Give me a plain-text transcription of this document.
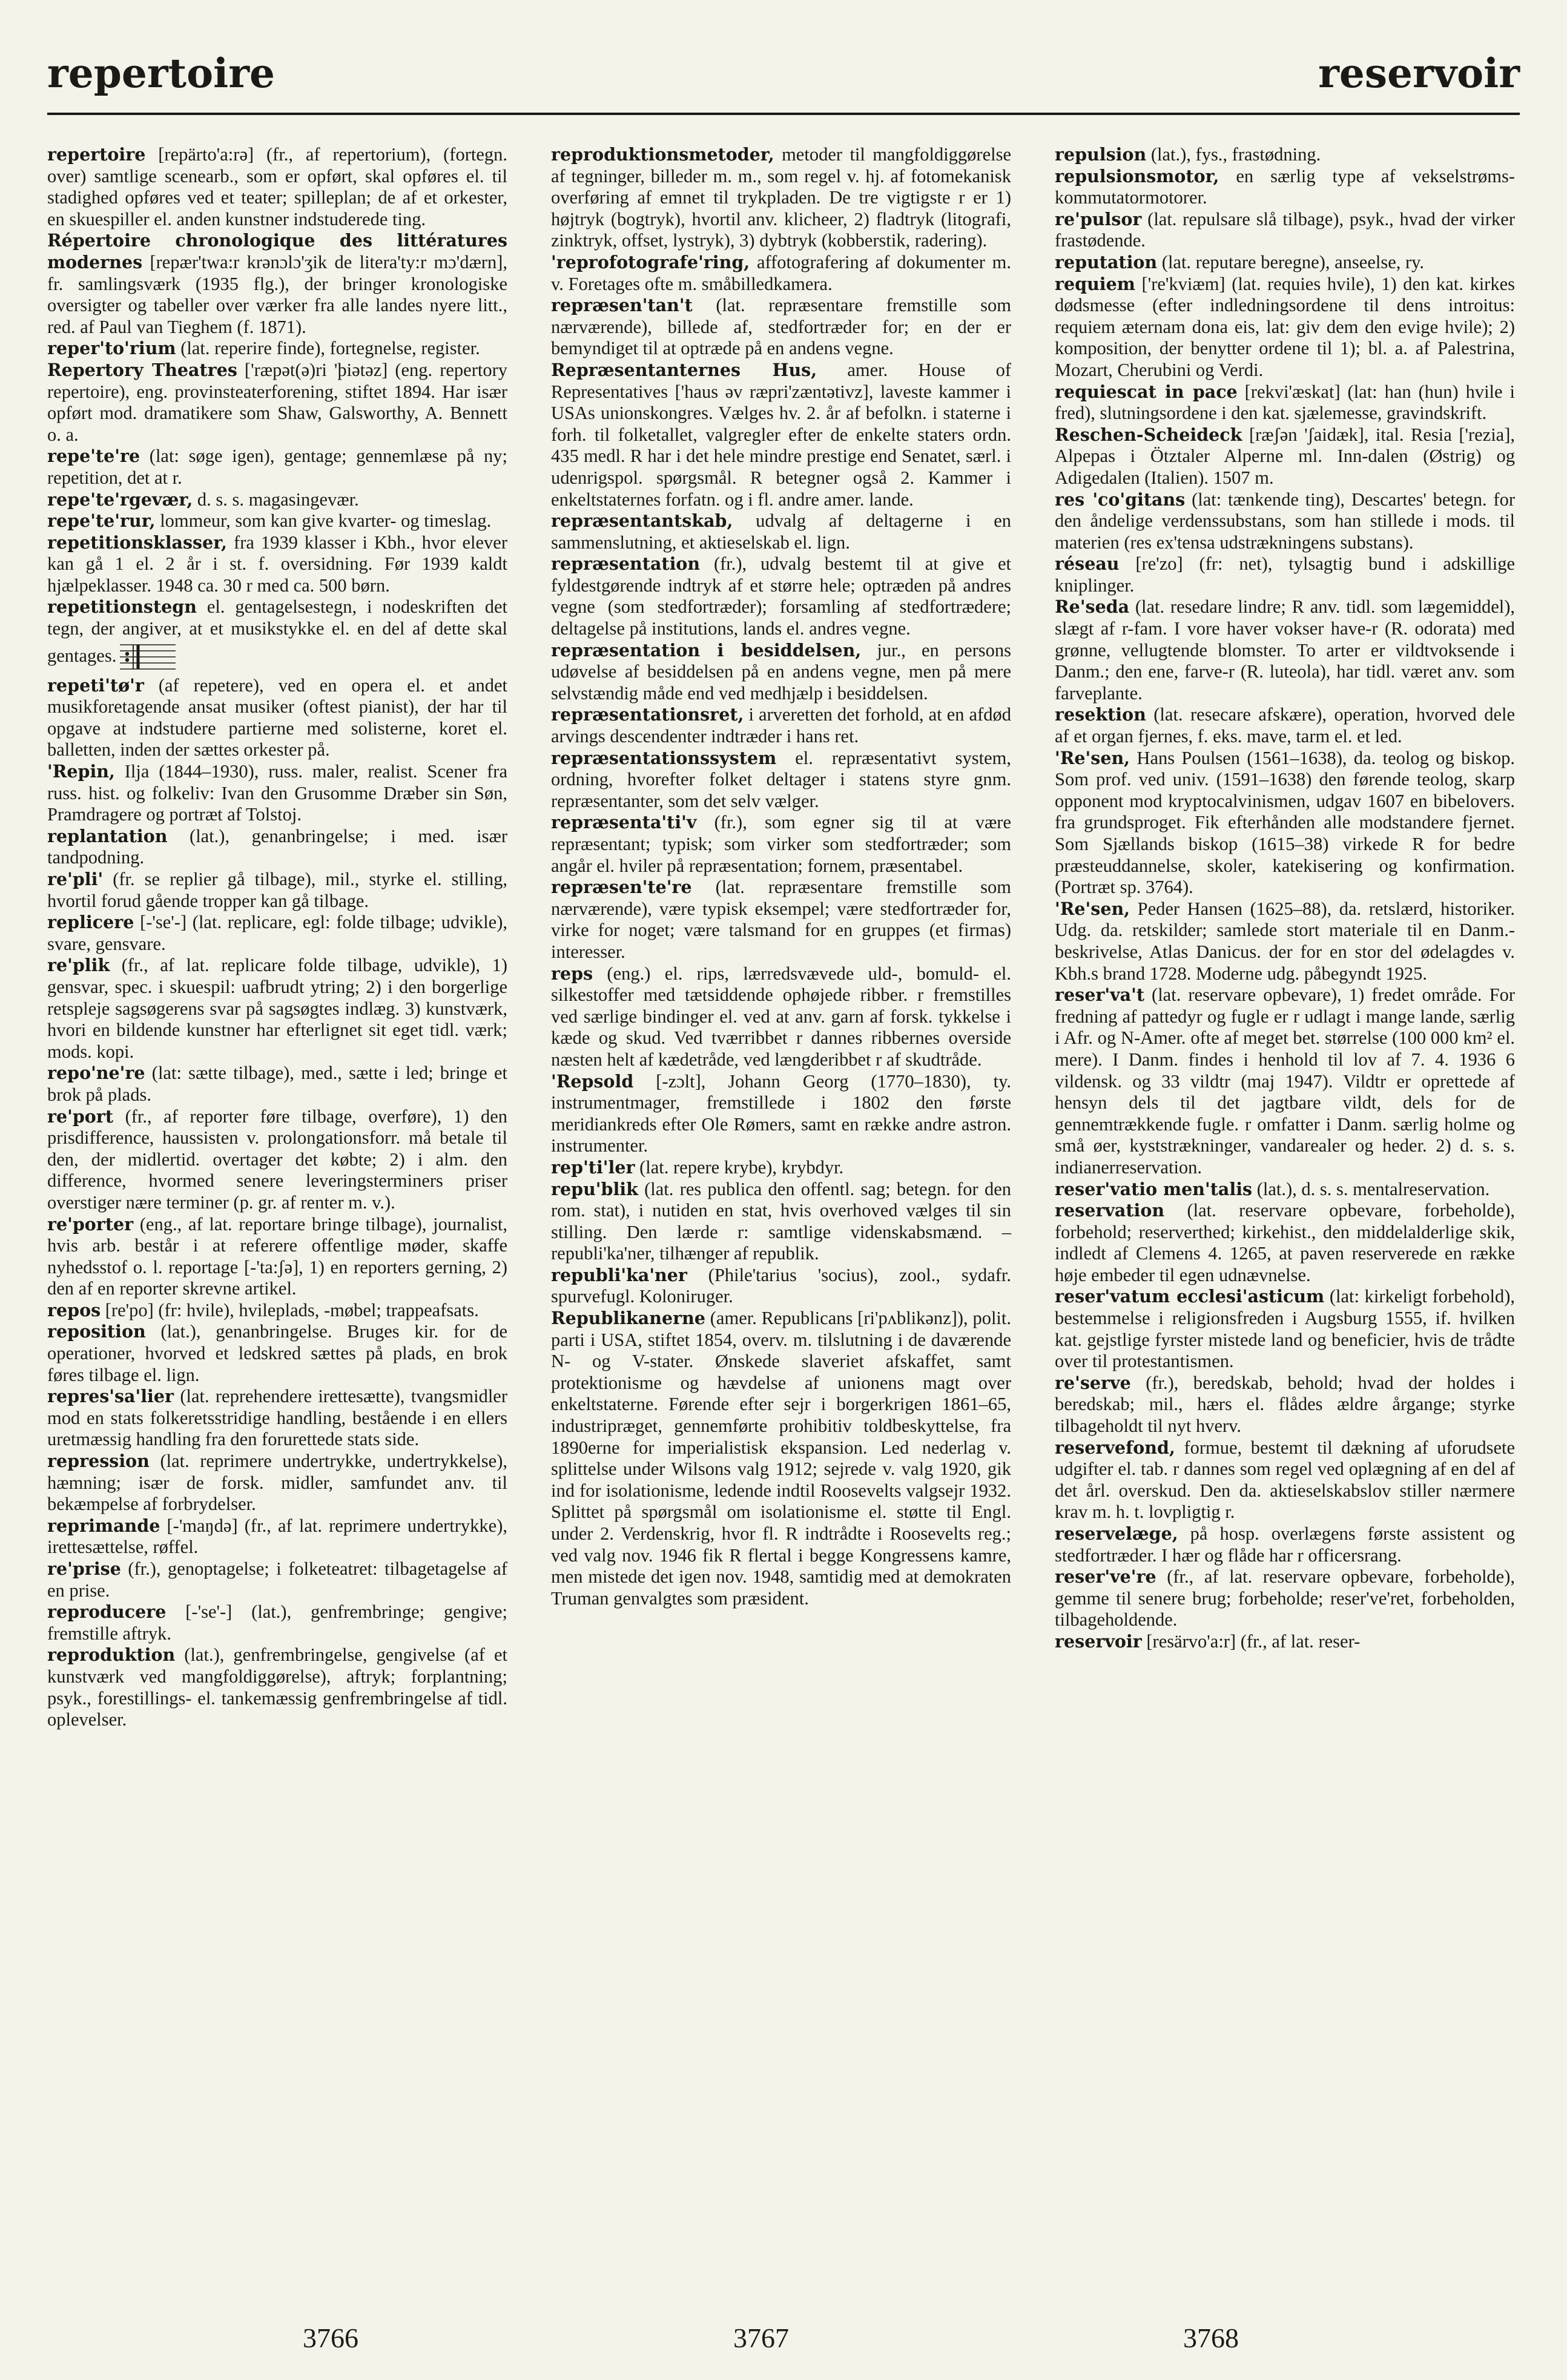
repertoire	reservoir

repertoire [repärto'a:rə] (fr., af repertorium), (fortegn. over) samtlige scenearb., som er opført, skal opføres el. til stadighed opføres ved et teater; spilleplan; de af et orkester, en skuespiller el. anden kunstner indstuderede ting.

Répertoire chronologique des littératures modernes [repær'twa:r krənɔlɔ'ʒik de litera'ty:r mɔ'dærn], fr. samlingsværk (1935 flg.), der bringer kronologiske oversigter og tabeller over værker fra alle landes nyere litt., red. af Paul van Tieghem (f. 1871).

reper'to'rium (lat. reperire finde), fortegnelse, register.

Repertory Theatres ['ræpət(ə)ri 'þiətəz] (eng. repertory repertoire), eng. provinsteaterforening, stiftet 1894. Har især opført mod. dramatikere som Shaw, Galsworthy, A. Bennett o. a.

repe'te're (lat: søge igen), gentage; gennemlæse på ny; repetition, det at r.

repe'te'rgevær, d. s. s. magasingevær.

repe'te'rur, lommeur, som kan give kvarter- og timeslag.

repetitionsklasser, fra 1939 klasser i Kbh., hvor elever kan gå 1 el. 2 år i st. f. oversidning. Før 1939 kaldt hjælpeklasser. 1948 ca. 30 r med ca. 500 børn.

repetitionstegn el. gentagelsestegn, i nodeskriften det tegn, der angiver, at et musikstykke el. en del af dette skal gentages.

repeti'tø'r (af repetere), ved en opera el. et andet musikforetagende ansat musiker (oftest pianist), der har til opgave at indstudere partierne med solisterne, koret el. balletten, inden der sættes orkester på.

'Repin, Ilja (1844–1930), russ. maler, realist. Scener fra russ. hist. og folkeliv: Ivan den Grusomme Dræber sin Søn, Pramdragere og portræt af Tolstoj.

replantation (lat.), genanbringelse; i med. især tandpodning.

re'pli' (fr. se replier gå tilbage), mil., styrke el. stilling, hvortil forud gående tropper kan gå tilbage.

replicere [-'se'-] (lat. replicare, egl: folde tilbage; udvikle), svare, gensvare.

re'plik (fr., af lat. replicare folde tilbage, udvikle), 1) gensvar, spec. i skuespil: uafbrudt ytring; 2) i den borgerlige retspleje sagsøgerens svar på sagsøgtes indlæg. 3) kunstværk, hvori en bildende kunstner har efterlignet sit eget tidl. værk; mods. kopi.

repo'ne're (lat: sætte tilbage), med., sætte i led; bringe et brok på plads.

re'port (fr., af reporter føre tilbage, overføre), 1) den prisdifference, haussisten v. prolongationsforr. må betale til den, der midlertid. overtager det købte; 2) i alm. den difference, hvormed senere leveringsterminers priser overstiger nære terminer (p. gr. af renter m. v.).

re'porter (eng., af lat. reportare bringe tilbage), journalist, hvis arb. består i at referere offentlige møder, skaffe nyhedsstof o. l. reportage [-'ta:ʃə], 1) en reporters gerning, 2) den af en reporter skrevne artikel.

repos [re'po] (fr: hvile), hvileplads, -møbel; trappeafsats.

reposition (lat.), genanbringelse. Bruges kir. for de operationer, hvorved et ledskred sættes på plads, en brok føres tilbage el. lign.

repres'sa'lier (lat. reprehendere irettesætte), tvangsmidler mod en stats folkeretsstridige handling, bestående i en ellers uretmæssig handling fra den forurettede stats side.

repression (lat. reprimere undertrykke, undertrykkelse), hæmning; især de forsk. midler, samfundet anv. til bekæmpelse af forbrydelser.

reprimande [-'maŋdə] (fr., af lat. reprimere undertrykke), irettesættelse, røffel.

re'prise (fr.), genoptagelse; i folketeatret: tilbagetagelse af en prise.

reproducere [-'se'-] (lat.), genfrembringe; gengive; fremstille aftryk.

reproduktion (lat.), genfrembringelse, gengivelse (af et kunstværk ved mangfoldiggørelse), aftryk; forplantning; psyk., forestillings- el. tankemæssig genfrembringelse af tidl. oplevelser.

reproduktionsmetoder, metoder til mangfoldiggørelse af tegninger, billeder m. m., som regel v. hj. af fotomekanisk overføring af emnet til trykpladen. De tre vigtigste r er 1) højtryk (bogtryk), hvortil anv. klicheer, 2) fladtryk (litografi, zinktryk, offset, lystryk), 3) dybtryk (kobberstik, radering).

'reprofotografe'ring, affotografering af dokumenter m. v. Foretages ofte m. småbilledkamera.

repræsen'tan't (lat. repræsentare fremstille som nærværende), billede af, stedfortræder for; en der er bemyndiget til at optræde på en andens vegne.

Repræsentanternes Hus, amer. House of Representatives ['haus əv ræpri'zæntətivz], laveste kammer i USAs unionskongres. Vælges hv. 2. år af befolkn. i staterne i forh. til folketallet, valgregler efter de enkelte staters ordn. 435 medl. R har i det hele mindre prestige end Senatet, særl. i udenrigspol. spørgsmål. R betegner også 2. Kammer i enkeltstaternes forfatn. og i fl. andre amer. lande.

repræsentantskab, udvalg af deltagerne i en sammenslutning, et aktieselskab el. lign.

repræsentation (fr.), udvalg bestemt til at give et fyldestgørende indtryk af et større hele; optræden på andres vegne (som stedfortræder); forsamling af stedfortrædere; deltagelse på institutions, lands el. andres vegne.

repræsentation i besiddelsen, jur., en persons udøvelse af besiddelsen på en andens vegne, men på mere selvstændig måde end ved medhjælp i besiddelsen.

repræsentationsret, i arveretten det forhold, at en afdød arvings descendenter indtræder i hans ret.

repræsentationssystem el. repræsentativt system, ordning, hvorefter folket deltager i statens styre gnm. repræsentanter, som det selv vælger.

repræsenta'ti'v (fr.), som egner sig til at være repræsentant; typisk; som virker som stedfortræder; som angår el. hviler på repræsentation; fornem, præsentabel.

repræsen'te're (lat. repræsentare fremstille som nærværende), være typisk eksempel; være stedfortræder for, virke for noget; være talsmand for en gruppes (et firmas) interesser.

reps (eng.) el. rips, lærredsvævede uld-, bomuld- el. silkestoffer med tætsiddende ophøjede ribber. r fremstilles ved særlige bindinger el. ved at anv. garn af forsk. tykkelse i kæde og skud. Ved tværribbet r dannes ribbernes overside næsten helt af kædetråde, ved længderibbet r af skudtråde.

'Repsold [-zɔlt], Johann Georg (1770–1830), ty. instrumentmager, fremstillede i 1802 den første meridiankreds efter Ole Rømers, samt en række andre astron. instrumenter.

rep'ti'ler (lat. repere krybe), krybdyr.

repu'blik (lat. res publica den offentl. sag; betegn. for den rom. stat), i nutiden en stat, hvis overhoved vælges til sin stilling. Den lærde r: samtlige videnskabsmænd. – republi'ka'ner, tilhænger af republik.

republi'ka'ner (Phile'tarius 'socius), zool., sydafr. spurvefugl. Koloniruger.

Republikanerne (amer. Republicans [ri'pʌblikənz]), polit. parti i USA, stiftet 1854, overv. m. tilslutning i de daværende N- og V-stater. Ønskede slaveriet afskaffet, samt protektionisme og hævdelse af unionens magt over enkeltstaterne. Førende efter sejr i borgerkrigen 1861–65, industripræget, gennemførte prohibitiv toldbeskyttelse, fra 1890erne for imperialistisk ekspansion. Led nederlag v. splittelse under Wilsons valg 1912; sejrede v. valg 1920, gik ind for isolationisme, ledende indtil Roosevelts valgsejr 1932. Splittet på spørgsmål om isolationisme el. støtte til Engl. under 2. Verdenskrig, hvor fl. R indtrådte i Roosevelts reg.; ved valg nov. 1946 fik R flertal i begge Kongressens kamre, men mistede det igen nov. 1948, samtidig med at demokraten Truman genvalgtes som præsident.

repulsion (lat.), fys., frastødning.

repulsionsmotor, en særlig type af vekselstrøms-kommutatormotorer.

re'pulsor (lat. repulsare slå tilbage), psyk., hvad der virker frastødende.

reputation (lat. reputare beregne), anseelse, ry.

requiem ['re'kviæm] (lat. requies hvile), 1) den kat. kirkes dødsmesse (efter indledningsordene til dens introitus: requiem æternam dona eis, lat: giv dem den evige hvile); 2) komposition, der benytter ordene til 1); bl. a. af Palestrina, Mozart, Cherubini og Verdi.

requiescat in pace [rekvi'æskat] (lat: han (hun) hvile i fred), slutningsordene i den kat. sjælemesse, gravindskrift.

Reschen-Scheideck [ræʃən 'ʃaidæk], ital. Resia ['rezia], Alpepas i Ötztaler Alperne ml. Inn-dalen (Østrig) og Adigedalen (Italien). 1507 m.

res 'co'gitans (lat: tænkende ting), Descartes' betegn. for den åndelige verdenssubstans, som han stillede i mods. til materien (res ex'tensa udstrækningens substans).

réseau [re'zo] (fr: net), tylsagtig bund i adskillige kniplinger.

Re'seda (lat. resedare lindre; R anv. tidl. som lægemiddel), slægt af r-fam. I vore haver vokser have-r (R. odorata) med grønne, vellugtende blomster. To arter er vildtvoksende i Danm.; den ene, farve-r (R. luteola), har tidl. været anv. som farveplante.

resektion (lat. resecare afskære), operation, hvorved dele af et organ fjernes, f. eks. mave, tarm el. et led.

'Re'sen, Hans Poulsen (1561–1638), da. teolog og biskop. Som prof. ved univ. (1591–1638) den førende teolog, skarp opponent mod kryptocalvinismen, udgav 1607 en bibelovers. fra grundsproget. Fik efterhånden alle modstandere fjernet. Som Sjællands biskop (1615–38) virkede R for bedre præsteuddannelse, skoler, katekisering og konfirmation. (Portræt sp. 3764).

'Re'sen, Peder Hansen (1625–88), da. retslærd, historiker. Udg. da. retskilder; samlede stort materiale til en Danm.-beskrivelse, Atlas Danicus. der for en stor del ødelagdes v. Kbh.s brand 1728. Moderne udg. påbegyndt 1925.

reser'va't (lat. reservare opbevare), 1) fredet område. For fredning af pattedyr og fugle er r udlagt i mange lande, særlig i Afr. og N-Amer. ofte af meget bet. størrelse (100 000 km² el. mere). I Danm. findes i henhold til lov af 7. 4. 1936 6 vildensk. og 33 vildtr (maj 1947). Vildtr er oprettede af hensyn dels til det jagtbare vildt, dels for de gennemtrækkende fugle. r omfatter i Danm. særlig holme og små øer, kyststrækninger, vandarealer og heder. 2) d. s. s. indianerreservation.

reser'vatio men'talis (lat.), d. s. s. mentalreservation.

reservation (lat. reservare opbevare, forbeholde), forbehold; reserverthed; kirkehist., den middelalderlige skik, indledt af Clemens 4. 1265, at paven reserverede en række høje embeder til egen udnævnelse.

reser'vatum ecclesi'asticum (lat: kirkeligt forbehold), bestemmelse i religionsfreden i Augsburg 1555, if. hvilken kat. gejstlige fyrster mistede land og beneficier, hvis de trådte over til protestantismen.

re'serve (fr.), beredskab, behold; hvad der holdes i beredskab; mil., hærs el. flådes ældre årgange; styrke tilbageholdt til nyt hverv.

reservefond, formue, bestemt til dækning af uforudsete udgifter el. tab. r dannes som regel ved oplægning af en del af det årl. overskud. Den da. aktieselskabslov stiller nærmere krav m. h. t. lovpligtig r.

reservelæge, på hosp. overlægens første assistent og stedfortræder. I hær og flåde har r officersrang.

reser've're (fr., af lat. reservare opbevare, forbeholde), gemme til senere brug; forbeholde; reser've'ret, forbeholden, tilbageholdende.

reservoir [resärvo'a:r] (fr., af lat. reser-

3766	3767	3768
